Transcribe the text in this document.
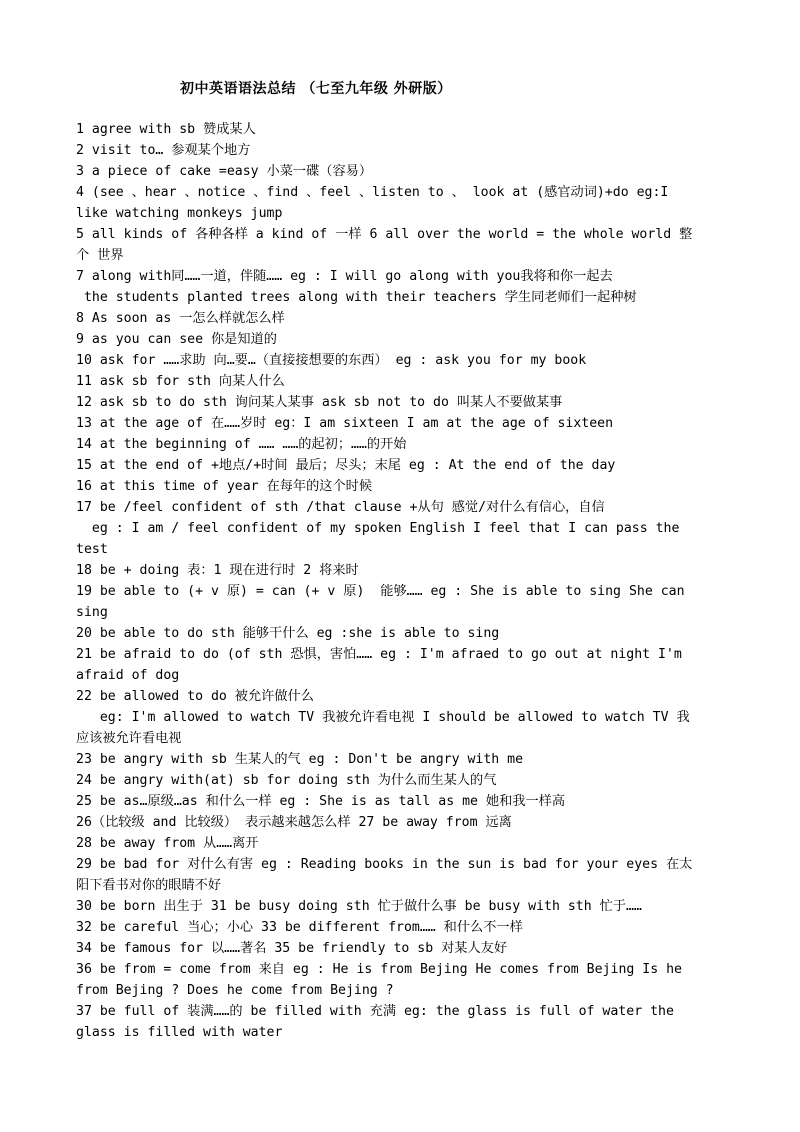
初中英语语法总结 （七至九年级 外研版）
1 agree with sb 赞成某人
2 visit to… 参观某个地方
3 a piece of cake =easy 小菜一碟（容易）
4 (see 、hear 、notice 、find 、feel 、listen to 、 look at (感官动词)+do eg:I
like watching monkeys jump
5 all kinds of 各种各样 a kind of 一样 6 all over the world = the whole world 整
个 世界
7 along with同……一道，伴随…… eg : I will go along with you我将和你一起去
the students planted trees along with their teachers 学生同老师们一起种树
8 As soon as 一怎么样就怎么样
9 as you can see 你是知道的
10 ask for ……求助 向…要…（直接接想要的东西） eg : ask you for my book
11 ask sb for sth 向某人什么
12 ask sb to do sth 询问某人某事 ask sb not to do 叫某人不要做某事
13 at the age of 在……岁时 eg：I am sixteen I am at the age of sixteen
14 at the beginning of …… ……的起初；……的开始
15 at the end of +地点/+时间 最后；尽头；末尾 eg : At the end of the day
16 at this time of year 在每年的这个时候
17 be /feel confident of sth /that clause +从句 感觉/对什么有信心，自信
eg : I am / feel confident of my spoken English I feel that I can pass the
test
18 be + doing 表：1 现在进行时 2 将来时
19 be able to (+ v 原) = can (+ v 原)  能够…… eg : She is able to sing She can
sing
20 be able to do sth 能够干什么 eg :she is able to sing
21 be afraid to do (of sth 恐惧，害怕…… eg : I'm afraed to go out at night I'm
afraid of dog
22 be allowed to do 被允许做什么
eg: I'm allowed to watch TV 我被允许看电视 I should be allowed to watch TV 我
应该被允许看电视
23 be angry with sb 生某人的气 eg : Don't be angry with me
24 be angry with(at) sb for doing sth 为什么而生某人的气
25 be as…原级…as 和什么一样 eg : She is as tall as me 她和我一样高
26（比较级 and 比较级） 表示越来越怎么样 27 be away from 远离
28 be away from 从……离开
29 be bad for 对什么有害 eg : Reading books in the sun is bad for your eyes 在太
阳下看书对你的眼睛不好
30 be born 出生于 31 be busy doing sth 忙于做什么事 be busy with sth 忙于……
32 be careful 当心；小心 33 be different from…… 和什么不一样
34 be famous for 以……著名 35 be friendly to sb 对某人友好
36 be from = come from 来自 eg : He is from Bejing He comes from Bejing Is he
from Bejing ? Does he come from Bejing ?
37 be full of 装满……的 be filled with 充满 eg: the glass is full of water the
glass is filled with water
